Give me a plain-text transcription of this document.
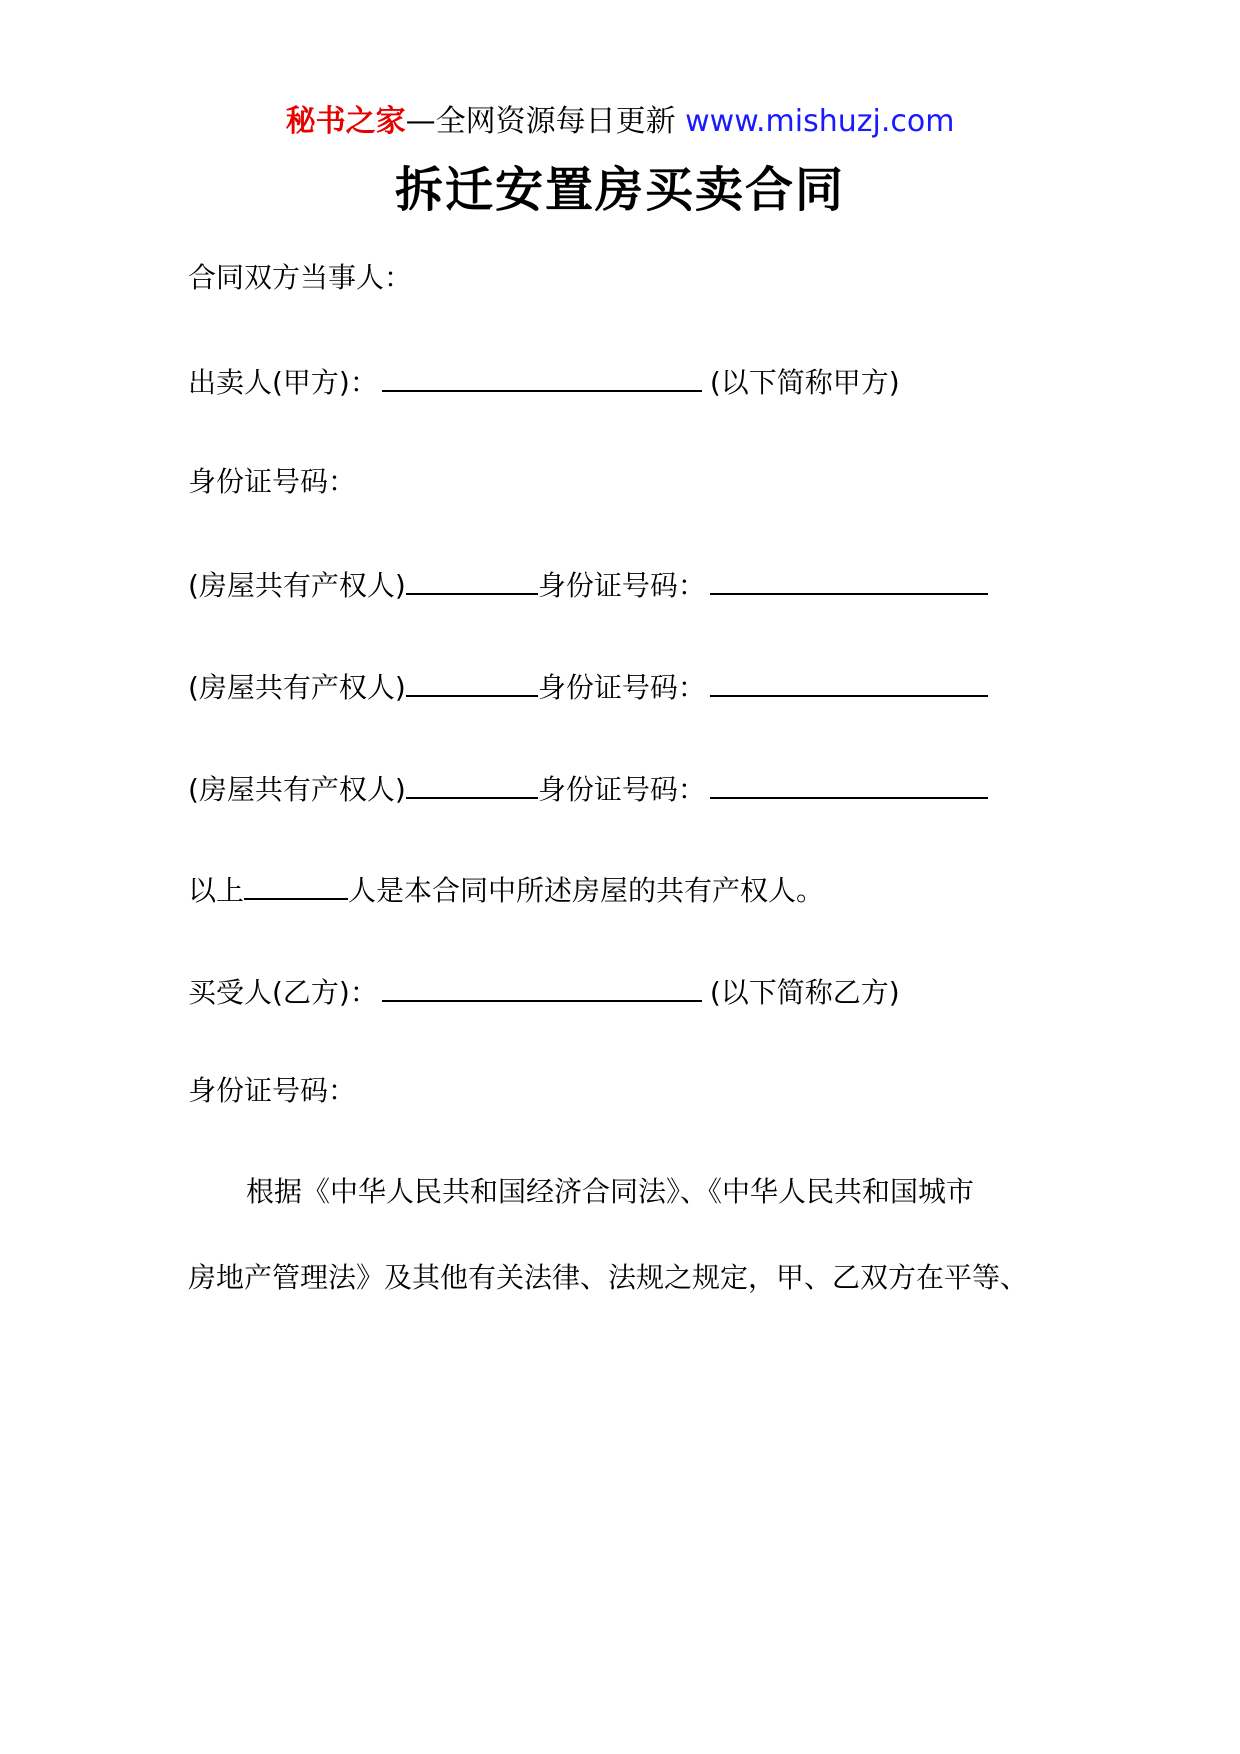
秘书之家—全网资源每日更新 www.mishuzj.com
拆迁安置房买卖合同
合同双方当事人：
出卖人(甲方)：	(以下简称甲方)
身份证号码：
(房屋共有产权人)	身份证号码：
(房屋共有产权人)	身份证号码：
(房屋共有产权人)	身份证号码：
以上	人是本合同中所述房屋的共有产权人。
买受人(乙方)：	(以下简称乙方)
身份证号码：
根据《中华人民共和国经济合同法》、《中华人民共和国城市
房地产管理法》及其他有关法律、法规之规定，甲、乙双方在平等、
